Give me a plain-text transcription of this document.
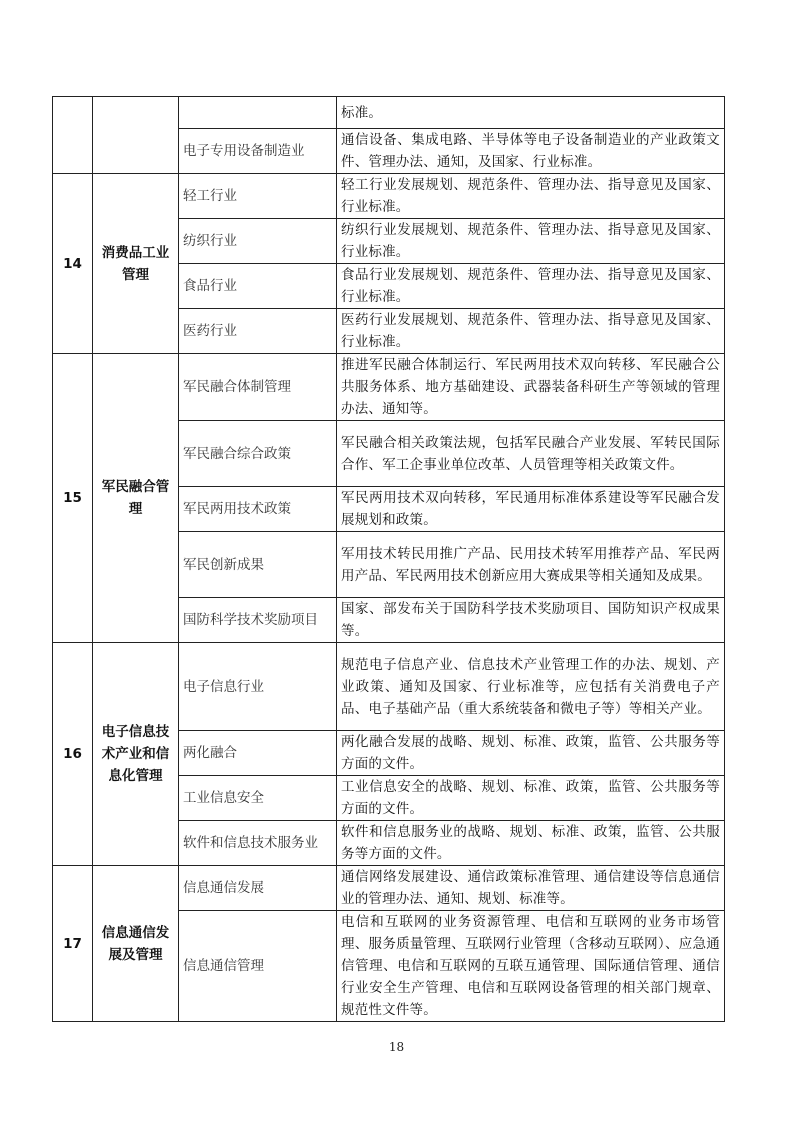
			标准。
		电子专用设备制造业	通信设备、集成电路、半导体等电子设备制造业的产业政策文件、管理办法、通知，及国家、行业标准。
14	消费品工业管理	轻工行业	轻工行业发展规划、规范条件、管理办法、指导意见及国家、行业标准。
		纺织行业	纺织行业发展规划、规范条件、管理办法、指导意见及国家、行业标准。
		食品行业	食品行业发展规划、规范条件、管理办法、指导意见及国家、行业标准。
		医药行业	医药行业发展规划、规范条件、管理办法、指导意见及国家、行业标准。
15	军民融合管理	军民融合体制管理	推进军民融合体制运行、军民两用技术双向转移、军民融合公共服务体系、地方基础建设、武器装备科研生产等领域的管理办法、通知等。
		军民融合综合政策	军民融合相关政策法规，包括军民融合产业发展、军转民国际合作、军工企事业单位改革、人员管理等相关政策文件。
		军民两用技术政策	军民两用技术双向转移，军民通用标准体系建设等军民融合发展规划和政策。
		军民创新成果	军用技术转民用推广产品、民用技术转军用推荐产品、军民两用产品、军民两用技术创新应用大赛成果等相关通知及成果。
		国防科学技术奖励项目	国家、部发布关于国防科学技术奖励项目、国防知识产权成果等。
16	电子信息技术产业和信息化管理	电子信息行业	规范电子信息产业、信息技术产业管理工作的办法、规划、产业政策、通知及国家、行业标准等，应包括有关消费电子产品、电子基础产品（重大系统装备和微电子等）等相关产业。
		两化融合	两化融合发展的战略、规划、标准、政策，监管、公共服务等方面的文件。
		工业信息安全	工业信息安全的战略、规划、标准、政策，监管、公共服务等方面的文件。
		软件和信息技术服务业	软件和信息服务业的战略、规划、标准、政策，监管、公共服务等方面的文件。
17	信息通信发展及管理	信息通信发展	通信网络发展建设、通信政策标准管理、通信建设等信息通信业的管理办法、通知、规划、标准等。
		信息通信管理	电信和互联网的业务资源管理、电信和互联网的业务市场管理、服务质量管理、互联网行业管理（含移动互联网）、应急通信管理、电信和互联网的互联互通管理、国际通信管理、通信行业安全生产管理、电信和互联网设备管理的相关部门规章、规范性文件等。
18
